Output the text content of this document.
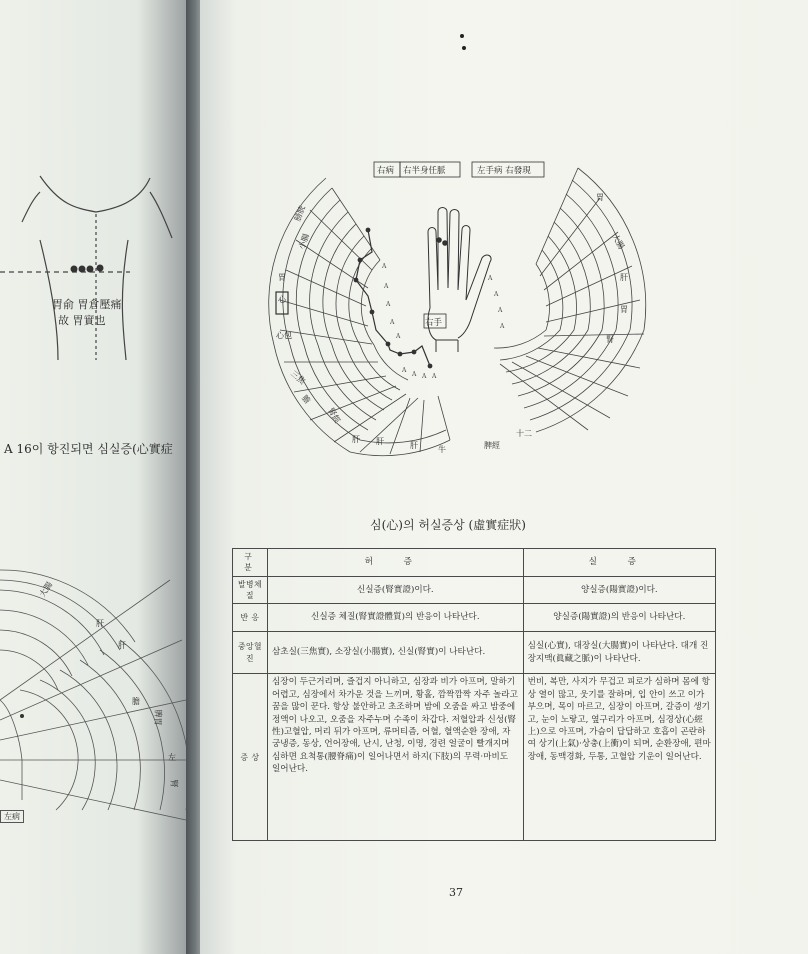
胃俞 胃倉壓痛
故 胃實也
A 16이 항진되면 심실증(心實症
大腸
肝
肝
膽
脾胃
左
腎
左病
A
A
A
A
A
A
A A A
A
A
A
A
右病 右半身任脈	左手病 右發現
右手
心
膀胱
小腸
胃
心包
三焦
膽
腎經
肝
胃
大腸
肝
胃
腎
肝	肝	牛	脾經
十二
심(心)의 허실증상 (虛實症狀)
구 분	허 증	실 증
발병체질	신실증(腎實證)이다.	양실증(陽實證)이다.
반 응	신실증 체질(腎實證體質)의 반응이 나타난다.	양실증(陽實證)의 반응이 나타난다.
중앙혈진	삼초실(三焦實), 소장실(小腸實), 신실(腎實)이 나타난다.	심실(心實), 대장실(大腸實)이 나타난다. 대개 진장지맥(眞藏之脈)이 나타난다.
증 상	심장이 두근거리며, 즐겁지 아니하고, 심장과 비가 아프며, 말하기 어렵고, 심장에서 차가운 것을 느끼며, 황홀, 깜짝깜짝 자주 놀라고 꿈을 많이 꾼다. 항상 불안하고 초조하며 밤에 오줌을 싸고 밤중에 정액이 나오고, 오줌을 자주누며 수족이 차갑다. 저혈압과 신성(腎性)고혈압, 머리 뒤가 아프며, 류머티즘, 어혈, 혈액순환 장애, 자궁냉증, 동상, 언어장애, 난시, 난청, 이명, 경련 얼굴이 빨개지며 심하면 요척통(腰脊痛)이 일어나면서 하지(下肢)의 무력·마비도 일어난다.	번비, 복만, 사지가 무겁고 피로가 심하며 몸에 항상 열이 많고, 웃기를 잘하며, 입 안이 쓰고 이가 부으며, 목이 마르고, 심장이 아프며, 갈증이 생기고, 눈이 노랗고, 옆구리가 아프며, 심경상(心經上)으로 아프며, 가슴이 답답하고 호흡이 곤란하여 상기(上氣)·상충(上衝)이 되며, 순환장애, 편마장애, 동맥경화, 두통, 고혈압 기운이 일어난다.
37
